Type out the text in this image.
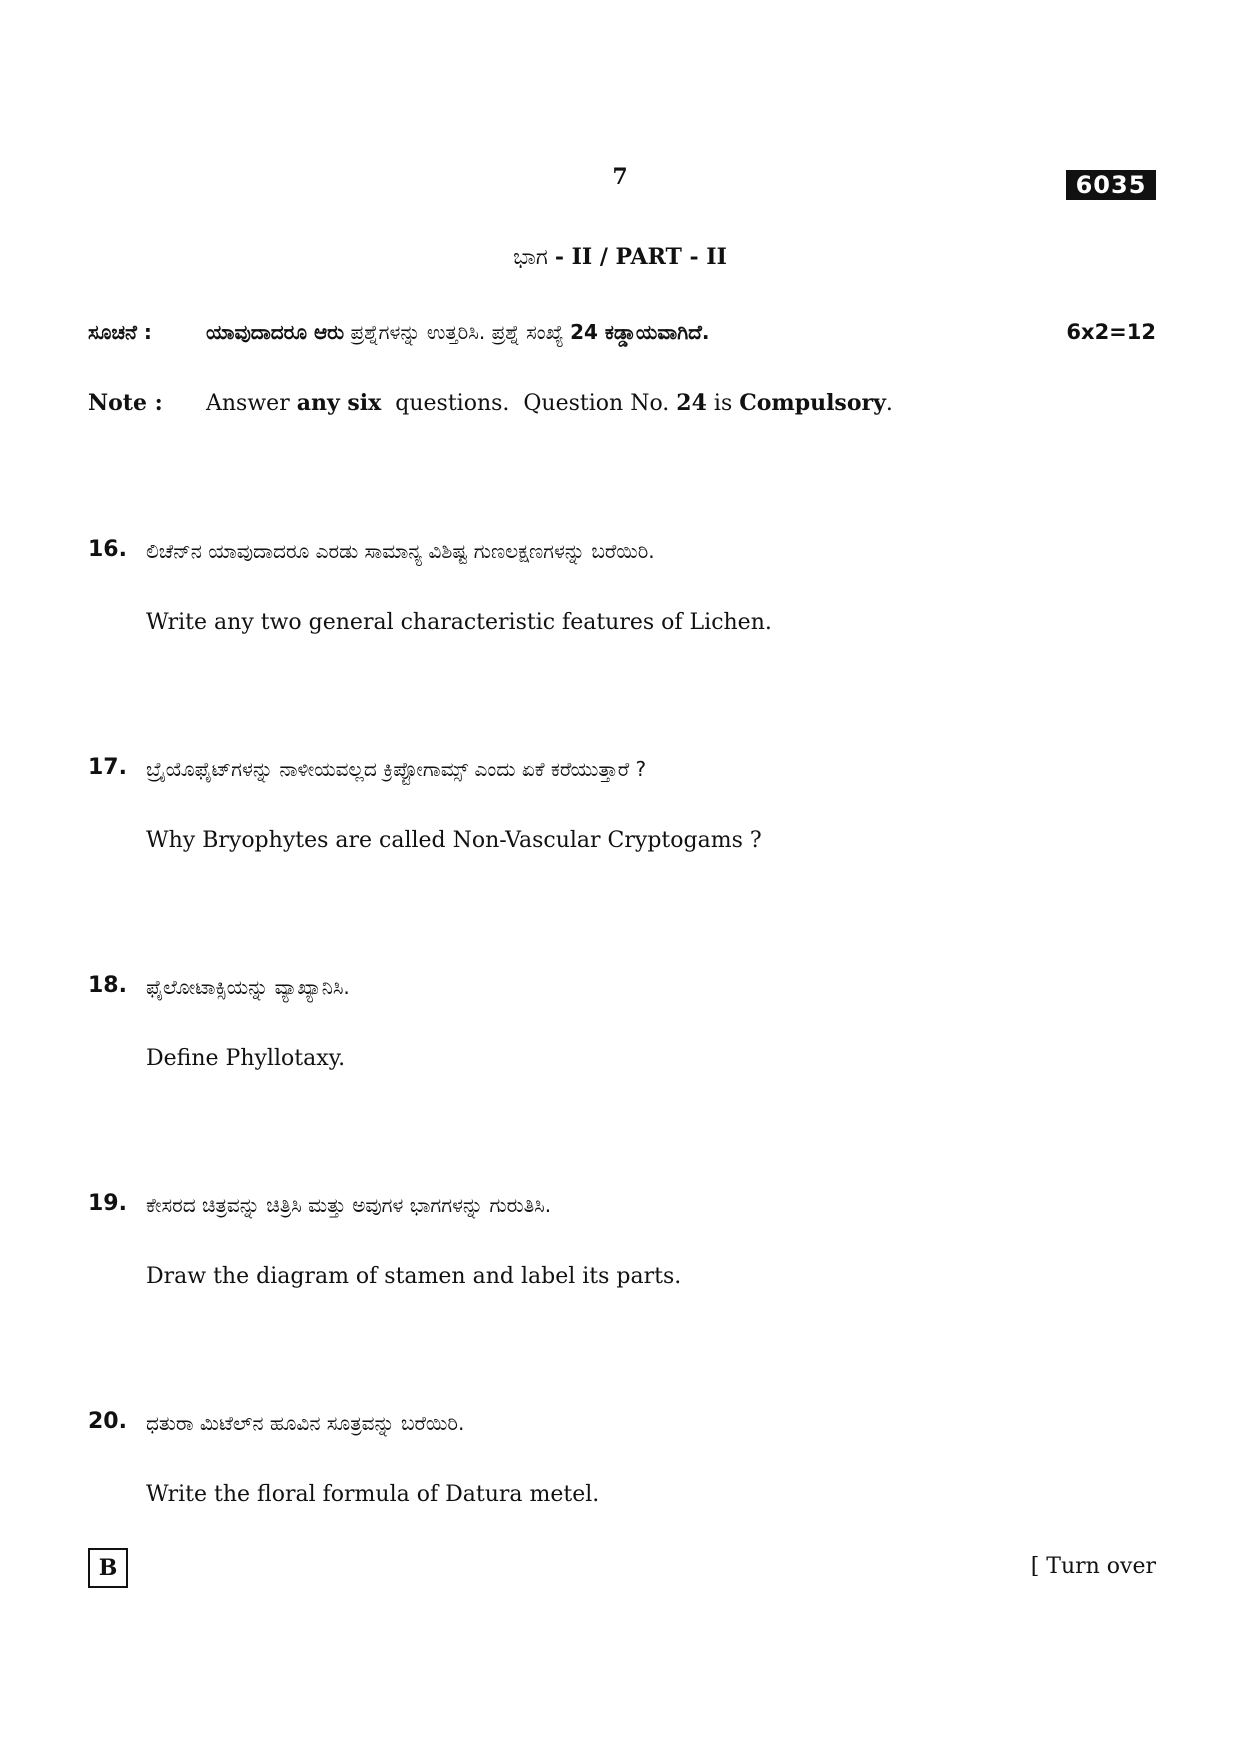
7	6035
ಭಾಗ - II / PART - II
ಸೂಚನೆ :	ಯಾವುದಾದರೂ ಆರು ಪ್ರಶ್ನೆಗಳನ್ನು ಉತ್ತರಿಸಿ. ಪ್ರಶ್ನೆ ಸಂಖ್ಯೆ 24 ಕಡ್ಡಾಯವಾಗಿದೆ.	6x2=12
Note : Answer any six  questions.  Question No. 24 is Compulsory.
16. ಲಿಚೆನ್‌ನ ಯಾವುದಾದರೂ ಎರಡು ಸಾಮಾನ್ಯ ವಿಶಿಷ್ಟ ಗುಣಲಕ್ಷಣಗಳನ್ನು ಬರೆಯಿರಿ.
Write any two general characteristic features of Lichen.
17. ಬ್ರೈಯೊಫೈಟ್‌ಗಳನ್ನು ನಾಳೀಯವಲ್ಲದ ಕ್ರಿಪ್ಟೋಗಾಮ್ಸ್ ಎಂದು ಏಕೆ ಕರೆಯುತ್ತಾರೆ ?
Why Bryophytes are called Non-Vascular Cryptogams ?
18. ಫೈಲೋಟಾಕ್ಸಿಯನ್ನು ವ್ಯಾಖ್ಯಾನಿಸಿ.
Define Phyllotaxy.
19. ಕೇಸರದ ಚಿತ್ರವನ್ನು ಚಿತ್ರಿಸಿ ಮತ್ತು ಅವುಗಳ ಭಾಗಗಳನ್ನು ಗುರುತಿಸಿ.
Draw the diagram of stamen and label its parts.
20. ಧತುರಾ ಮಿಟೆಲ್‌ನ ಹೂವಿನ ಸೂತ್ರವನ್ನು ಬರೆಯಿರಿ.
Write the floral formula of Datura metel.
B	[ Turn over
